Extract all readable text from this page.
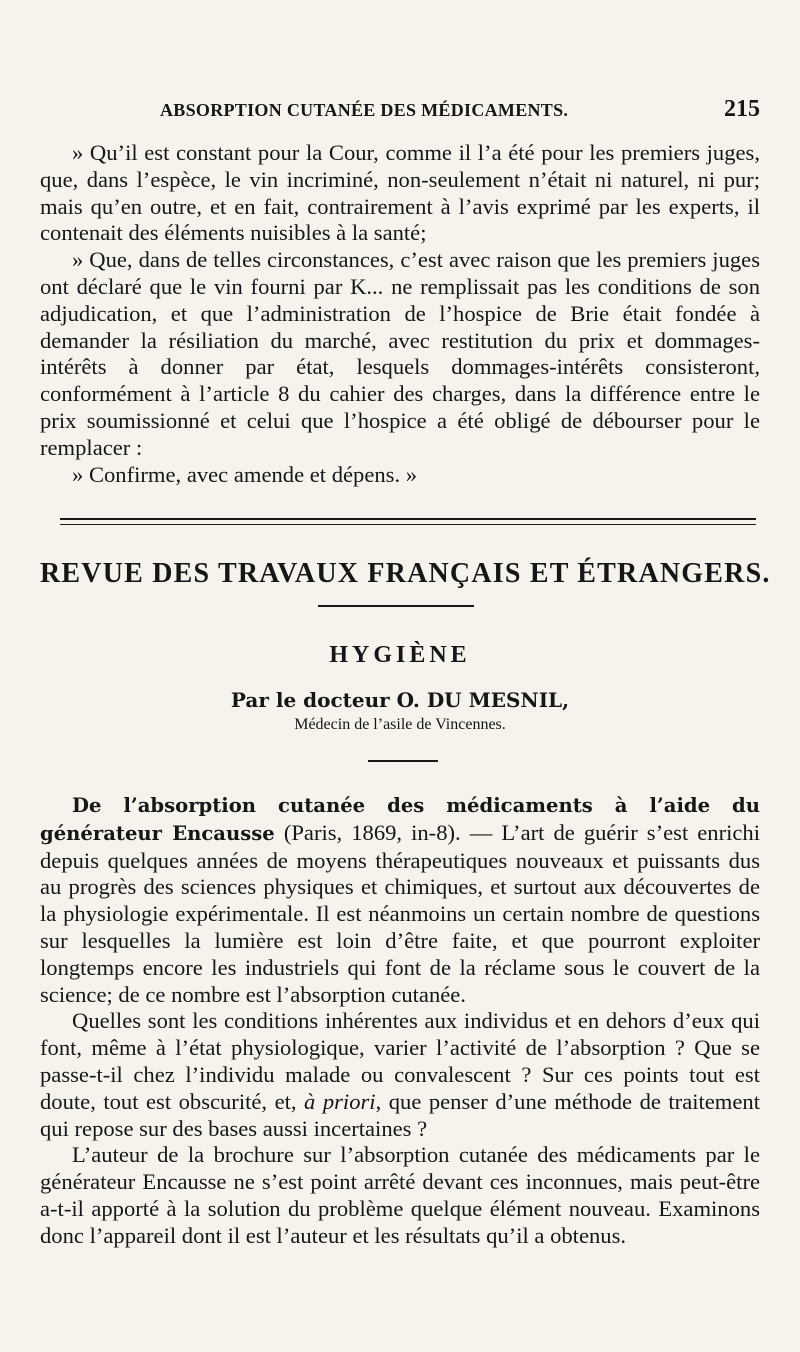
ABSORPTION CUTANÉE DES MÉDICAMENTS.	215

» Qu’il est constant pour la Cour, comme il l’a été pour les premiers juges, que, dans l’espèce, le vin incriminé, non-seulement n’était ni naturel, ni pur; mais qu’en outre, et en fait, contrairement à l’avis exprimé par les experts, il contenait des éléments nuisibles à la santé;

» Que, dans de telles circonstances, c’est avec raison que les premiers juges ont déclaré que le vin fourni par K... ne remplissait pas les conditions de son adjudication, et que l’administration de l’hospice de Brie était fondée à demander la résiliation du marché, avec restitution du prix et dommages-intérêts à donner par état, lesquels dommages-intérêts consisteront, conformément à l’article 8 du cahier des charges, dans la différence entre le prix soumissionné et celui que l’hospice a été obligé de débourser pour le remplacer :

» Confirme, avec amende et dépens. »

REVUE DES TRAVAUX FRANÇAIS ET ÉTRANGERS.
HYGIÈNE
Par le docteur O. DU MESNIL,
Médecin de l’asile de Vincennes.

De l’absorption cutanée des médicaments à l’aide du générateur Encausse (Paris, 1869, in-8). — L’art de guérir s’est enrichi depuis quelques années de moyens thérapeutiques nouveaux et puissants dus au progrès des sciences physiques et chimiques, et surtout aux découvertes de la physiologie expérimentale. Il est néanmoins un certain nombre de questions sur lesquelles la lumière est loin d’être faite, et que pourront exploiter longtemps encore les industriels qui font de la réclame sous le couvert de la science; de ce nombre est l’absorption cutanée.

Quelles sont les conditions inhérentes aux individus et en dehors d’eux qui font, même à l’état physiologique, varier l’activité de l’absorption ? Que se passe-t-il chez l’individu malade ou convalescent ? Sur ces points tout est doute, tout est obscurité, et, à priori, que penser d’une méthode de traitement qui repose sur des bases aussi incertaines ?

L’auteur de la brochure sur l’absorption cutanée des médicaments par le générateur Encausse ne s’est point arrêté devant ces inconnues, mais peut-être a-t-il apporté à la solution du problème quelque élément nouveau. Examinons donc l’appareil dont il est l’auteur et les résultats qu’il a obtenus.
